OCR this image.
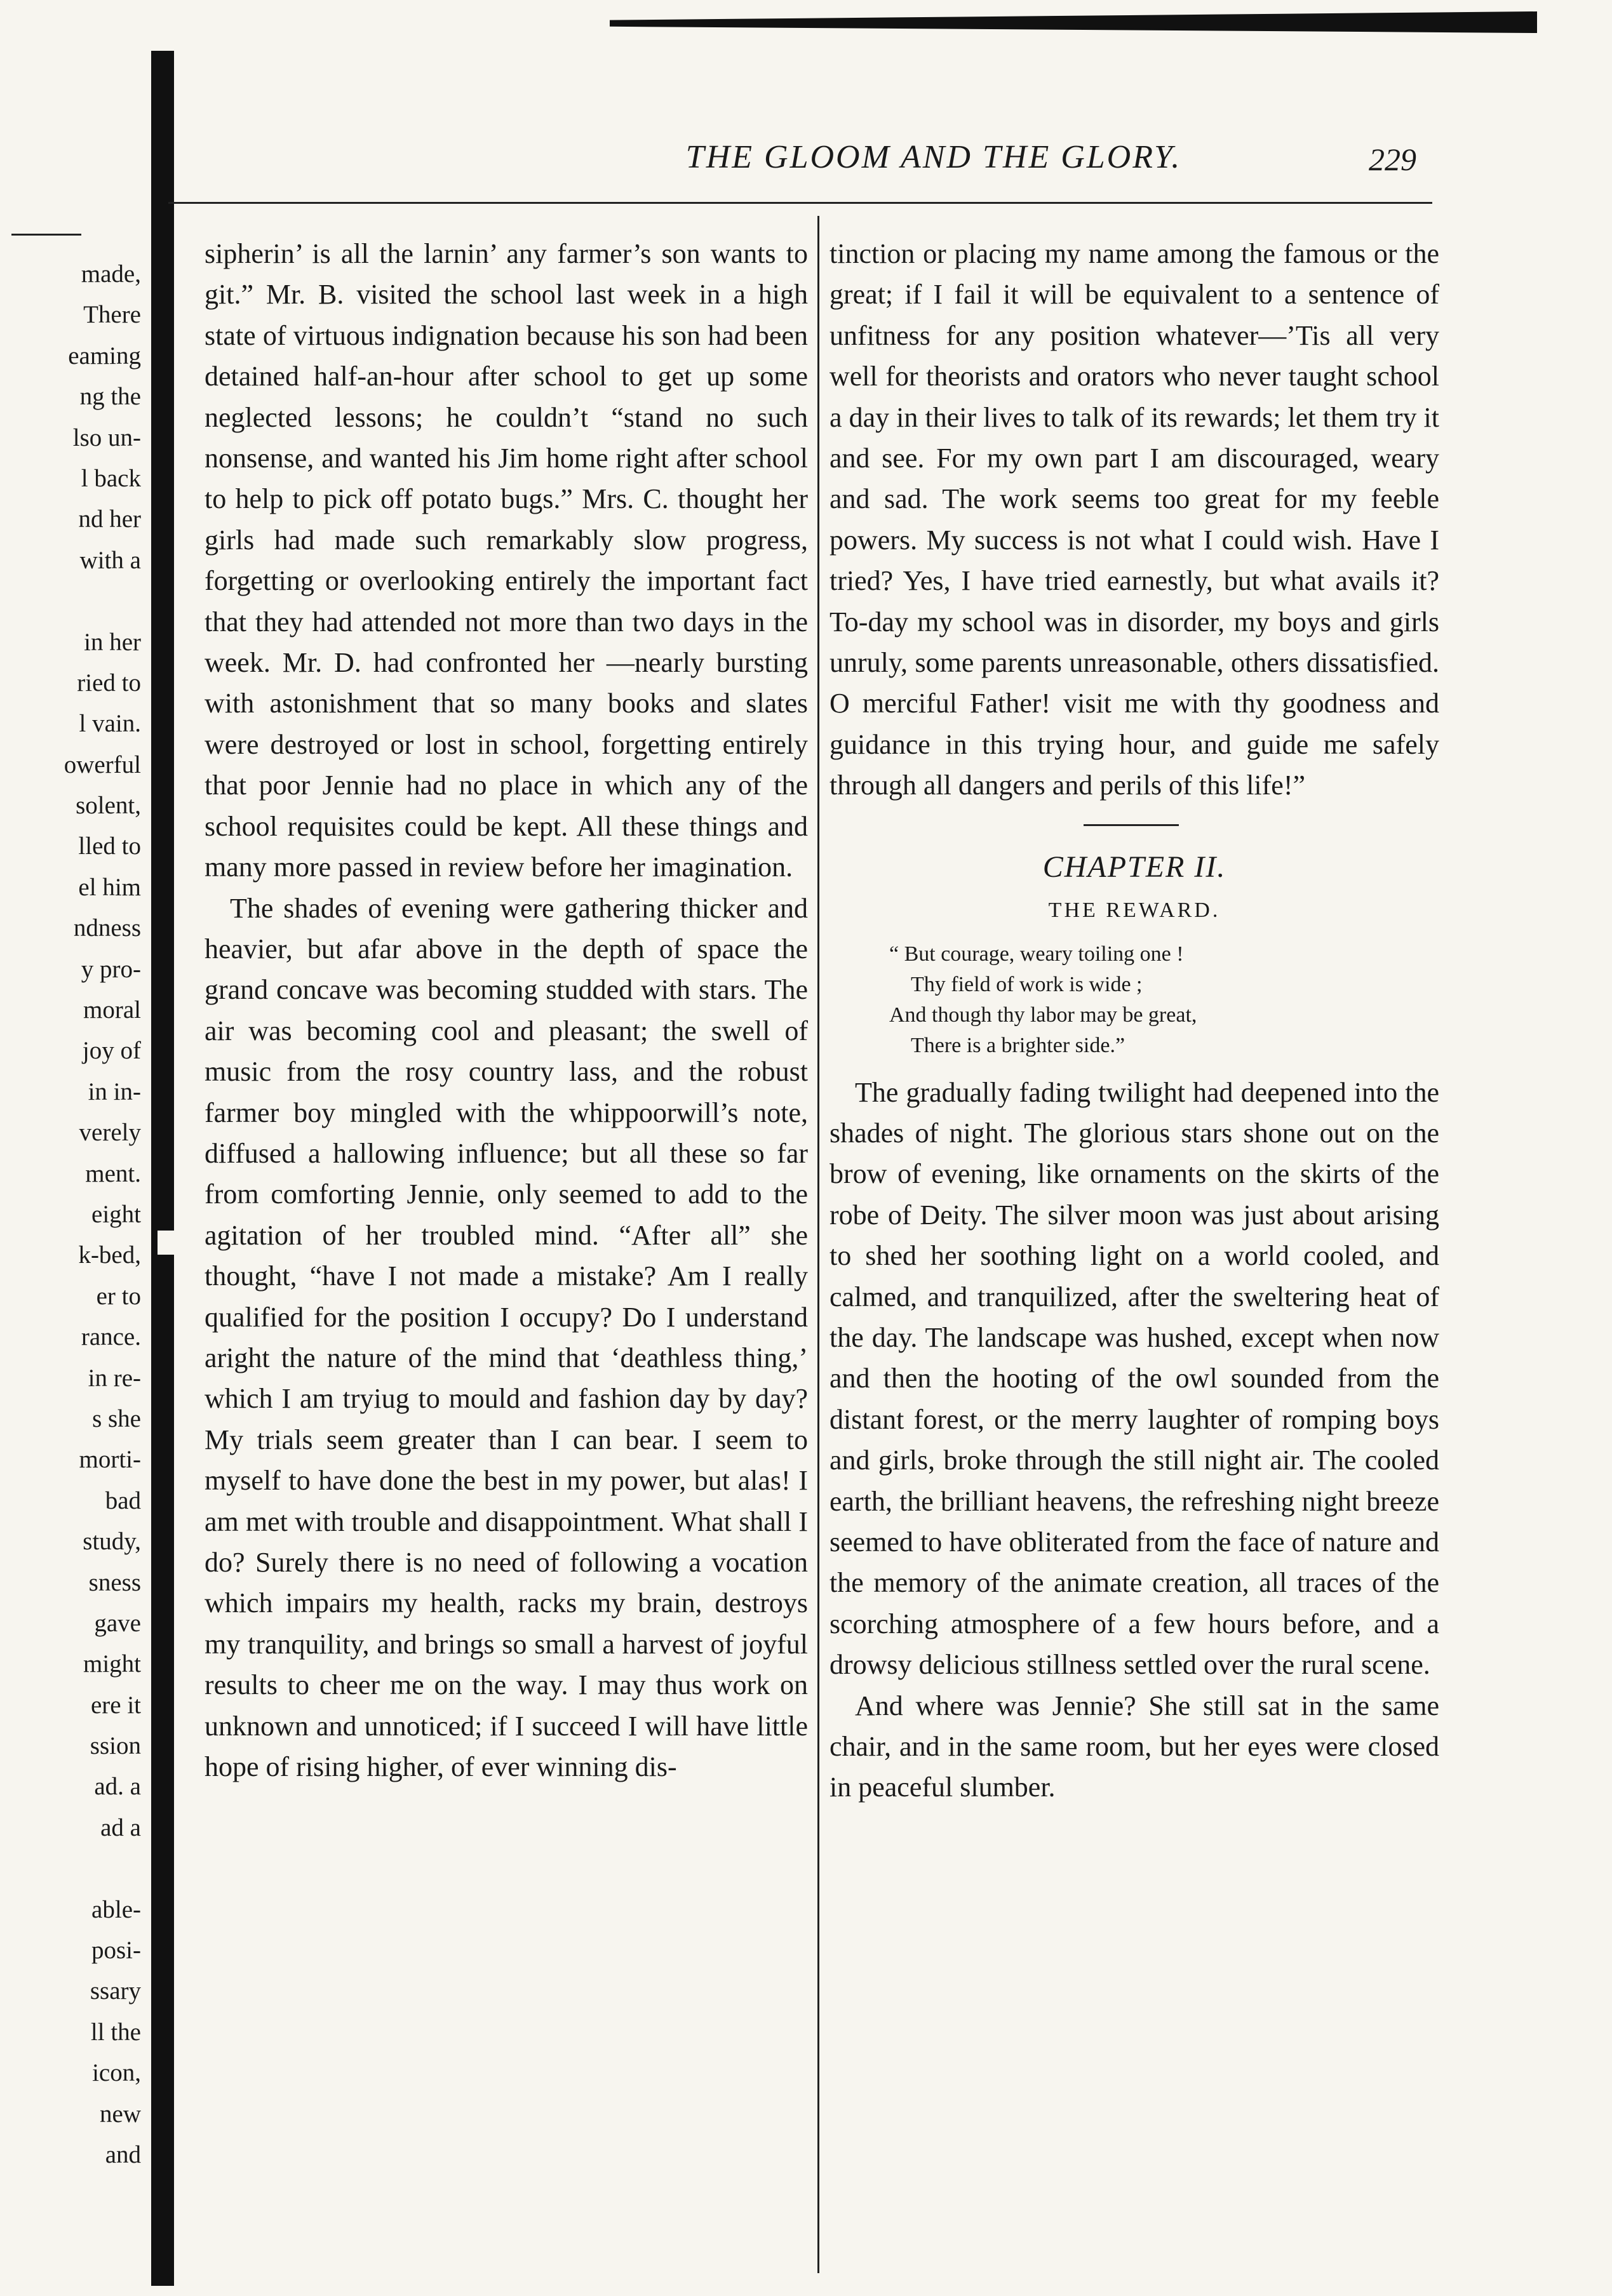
made,
There
eaming
ng the
lso un-
l back
nd her
with a
in her
ried to
l vain.
owerful
solent,
lled to
el him
ndness
y pro-
moral
joy of
in in-
verely
ment.
eight
k-bed,
er to
rance.
in re-
s she
morti-
bad
study,
sness
gave
might
ere it
ssion
ad. a
ad a
able-
posi-
ssary
ll the
icon,
new
and
THE GLOOM AND THE GLORY.	229

sipherin’ is all the larnin’ any farmer’s son wants to git.” Mr. B. visited the school last week in a high state of virtuous indignation because his son had been detained half-an-hour after school to get up some neglected lessons; he couldn’t “stand no such nonsense, and wanted his Jim home right after school to help to pick off potato bugs.” Mrs. C. thought her girls had made such remarkably slow progress, forgetting or overlooking entirely the important fact that they had attended not more than two days in the week. Mr. D. had confronted her —nearly bursting with astonishment that so many books and slates were destroyed or lost in school, forgetting entirely that poor Jennie had no place in which any of the school requisites could be kept. All these things and many more passed in review before her imagination.

The shades of evening were gathering thicker and heavier, but afar above in the depth of space the grand concave was becoming studded with stars. The air was becoming cool and pleasant; the swell of music from the rosy country lass, and the robust farmer boy mingled with the whippoorwill’s note, diffused a hallowing influence; but all these so far from comforting Jennie, only seemed to add to the agitation of her troubled mind. “After all” she thought, “have I not made a mistake? Am I really qualified for the position I occupy? Do I understand aright the nature of the mind that ‘deathless thing,’ which I am tryiug to mould and fashion day by day? My trials seem greater than I can bear. I seem to myself to have done the best in my power, but alas! I am met with trouble and disappointment. What shall I do? Surely there is no need of following a vocation which impairs my health, racks my brain, destroys my tranquility, and brings so small a harvest of joyful results to cheer me on the way. I may thus work on unknown and unnoticed; if I succeed I will have little hope of rising higher, of ever winning dis-

tinction or placing my name among the famous or the great; if I fail it will be equivalent to a sentence of unfitness for any position whatever—’Tis all very well for theorists and orators who never taught school a day in their lives to talk of its rewards; let them try it and see. For my own part I am discouraged, weary and sad. The work seems too great for my feeble powers. My success is not what I could wish. Have I tried? Yes, I have tried earnestly, but what avails it? To-day my school was in disorder, my boys and girls unruly, some parents unreasonable, others dissatisfied. O merciful Father! visit me with thy goodness and guidance in this trying hour, and guide me safely through all dangers and perils of this life!”

CHAPTER II.
THE REWARD.
“ But courage, weary toiling one !
Thy field of work is wide ;
And though thy labor may be great,
There is a brighter side.”

The gradually fading twilight had deepened into the shades of night. The glorious stars shone out on the brow of evening, like ornaments on the skirts of the robe of Deity. The silver moon was just about arising to shed her soothing light on a world cooled, and calmed, and tranquilized, after the sweltering heat of the day. The landscape was hushed, except when now and then the hooting of the owl sounded from the distant forest, or the merry laughter of romping boys and girls, broke through the still night air. The cooled earth, the brilliant heavens, the refreshing night breeze seemed to have obliterated from the face of nature and the memory of the animate creation, all traces of the scorching atmosphere of a few hours before, and a drowsy delicious stillness settled over the rural scene.

And where was Jennie? She still sat in the same chair, and in the same room, but her eyes were closed in peaceful slumber.
